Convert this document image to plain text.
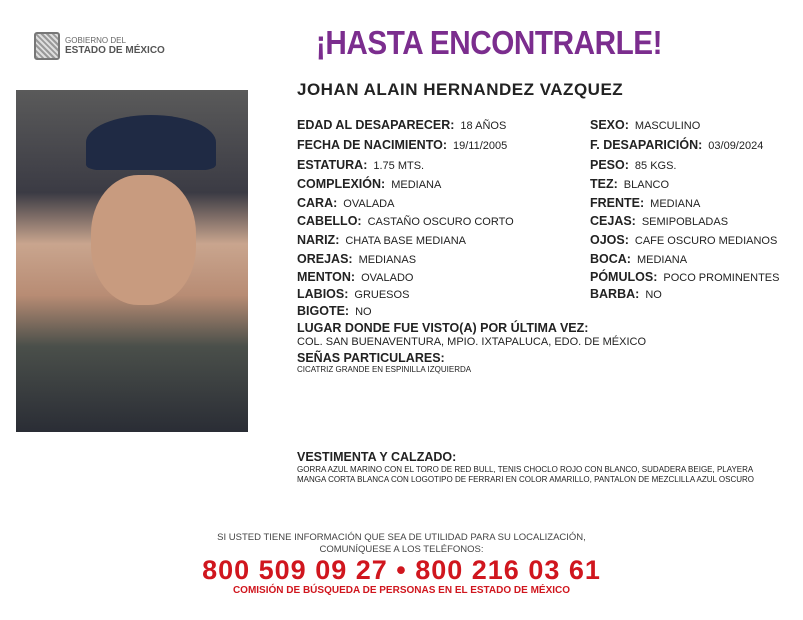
GOBIERNO DEL
ESTADO DE MÉXICO	¡HASTA ENCONTRARLE!
JOHAN ALAIN HERNANDEZ VAZQUEZ
EDAD AL DESAPARECER: 18 AÑOS
FECHA DE NACIMIENTO: 19/11/2005
ESTATURA: 1.75 MTS.
COMPLEXIÓN: MEDIANA
CARA: OVALADA
CABELLO: CASTAÑO OSCURO CORTO
NARIZ: CHATA BASE MEDIANA
OREJAS: MEDIANAS
MENTON: OVALADO
LABIOS: GRUESOS
BIGOTE: NO
SEXO: MASCULINO
F. DESAPARICIÓN: 03/09/2024
PESO: 85 KGS.
TEZ: BLANCO
FRENTE: MEDIANA
CEJAS: SEMIPOBLADAS
OJOS: CAFE OSCURO MEDIANOS
BOCA: MEDIANA
PÓMULOS: POCO PROMINENTES
BARBA: NO
LUGAR DONDE FUE VISTO(A) POR ÚLTIMA VEZ:
COL. SAN BUENAVENTURA, MPIO. IXTAPALUCA, EDO. DE MÉXICO
SEÑAS PARTICULARES:
CICATRIZ GRANDE EN ESPINILLA IZQUIERDA
VESTIMENTA Y CALZADO:
GORRA AZUL MARINO CON EL TORO DE RED BULL, TENIS CHOCLO ROJO CON BLANCO, SUDADERA BEIGE, PLAYERA MANGA CORTA BLANCA CON LOGOTIPO DE FERRARI EN COLOR AMARILLO, PANTALON DE MEZCLILLA AZUL OSCURO
SI USTED TIENE INFORMACIÓN QUE SEA DE UTILIDAD PARA SU LOCALIZACIÓN,
COMUNÍQUESE A LOS TELÉFONOS:
800 509 09 27 • 800 216 03 61
COMISIÓN DE BÚSQUEDA DE PERSONAS EN EL ESTADO DE MÉXICO
